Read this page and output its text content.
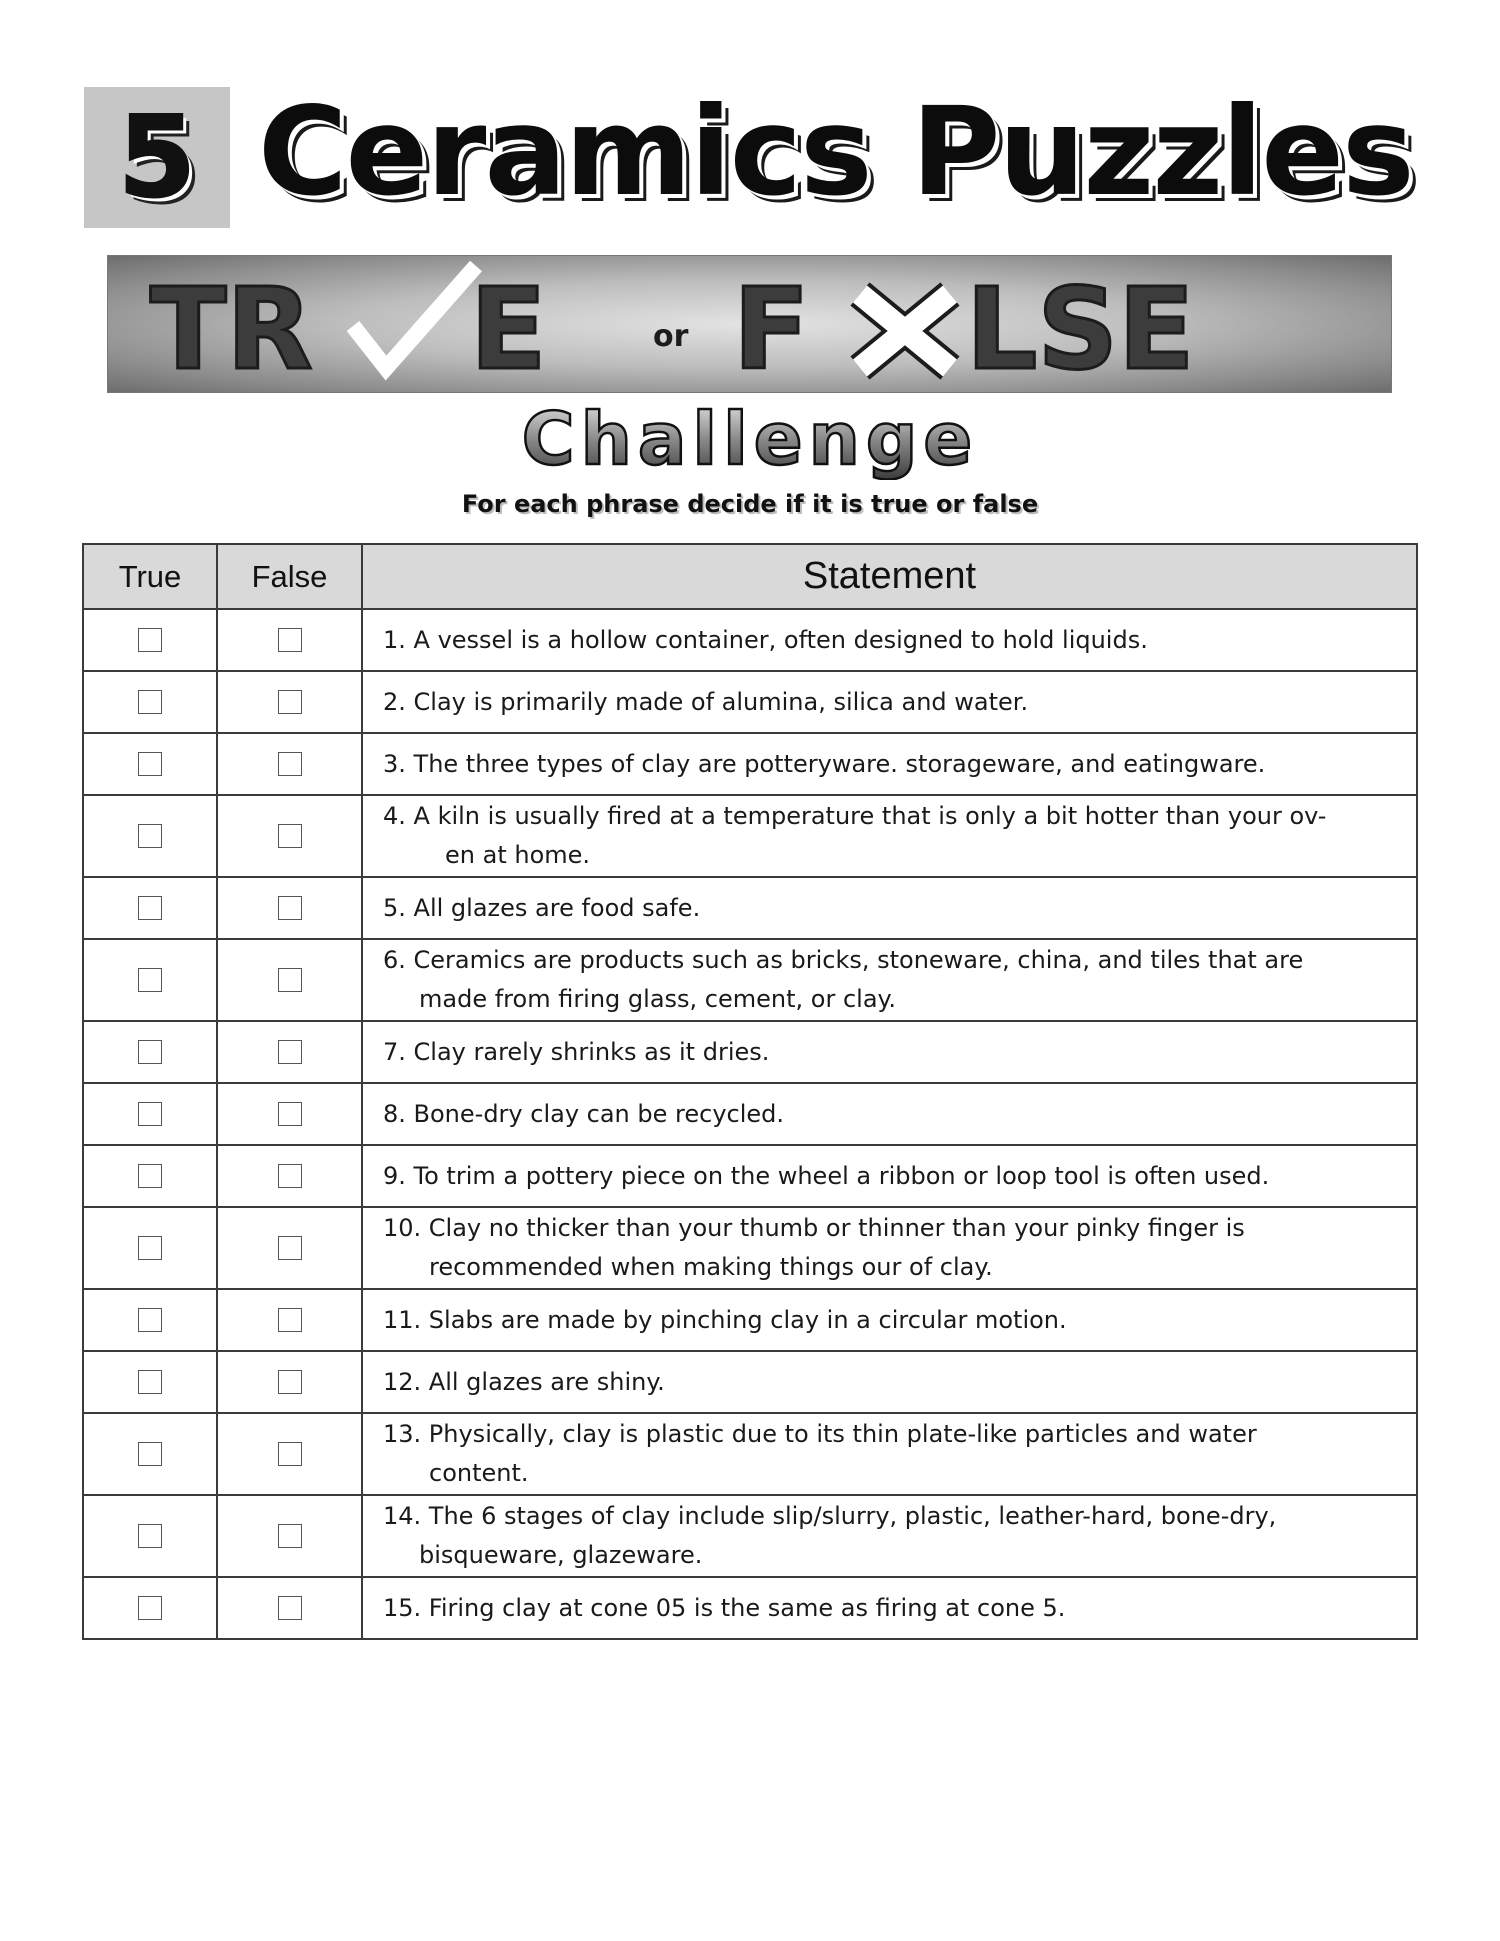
5 Ceramics Puzzles
TR E	or F LSE
Challenge
For each phrase decide if it is true or false
True	False	Statement
1. A vessel is a hollow container, often designed to hold liquids.
2. Clay is primarily made of alumina, silica and water.
3. The three types of clay are potteryware. storageware, and eatingware.
4. A kiln is usually fired at a temperature that is only a bit hotter than your ov-
en at home.
5. All glazes are food safe.
6. Ceramics are products such as bricks, stoneware, china, and tiles that are
made from firing glass, cement, or clay.
7. Clay rarely shrinks as it dries.
8. Bone-dry clay can be recycled.
9. To trim a pottery piece on the wheel a ribbon or loop tool is often used.
10. Clay no thicker than your thumb or thinner than your pinky finger is
recommended when making things our of clay.
11. Slabs are made by pinching clay in a circular motion.
12. All glazes are shiny.
13. Physically, clay is plastic due to its thin plate-like particles and water
content.
14. The 6 stages of clay include slip/slurry, plastic, leather-hard, bone-dry,
bisqueware, glazeware.
15. Firing clay at cone 05 is the same as firing at cone 5.
